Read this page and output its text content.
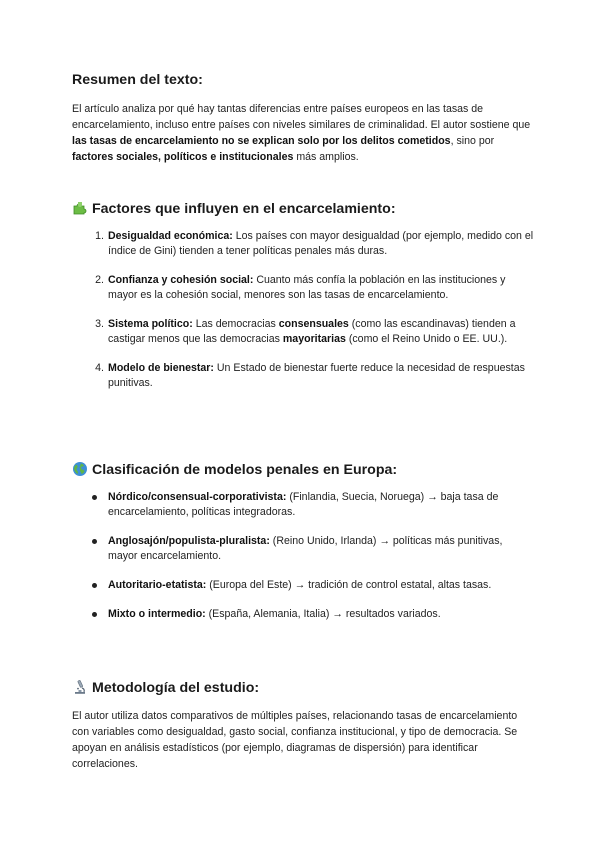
Resumen del texto:

El artículo analiza por qué hay tantas diferencias entre países europeos en las tasas de encarcelamiento, incluso entre países con niveles similares de criminalidad. El autor sostiene que las tasas de encarcelamiento no se explican solo por los delitos cometidos, sino por factores sociales, políticos e institucionales más amplios.

Factores que influyen en el encarcelamiento:
1. Desigualdad económica: Los países con mayor desigualdad (por ejemplo, medido con el índice de Gini) tienden a tener políticas penales más duras.
2. Confianza y cohesión social: Cuanto más confía la población en las instituciones y mayor es la cohesión social, menores son las tasas de encarcelamiento.
3. Sistema político: Las democracias consensuales (como las escandinavas) tienden a castigar menos que las democracias mayoritarias (como el Reino Unido o EE. UU.).
4. Modelo de bienestar: Un Estado de bienestar fuerte reduce la necesidad de respuestas punitivas.
Clasificación de modelos penales en Europa:
Nórdico/consensual-corporativista: (Finlandia, Suecia, Noruega) → baja tasa de encarcelamiento, políticas integradoras.
Anglosajón/populista-pluralista: (Reino Unido, Irlanda) → políticas más punitivas, mayor encarcelamiento.
Autoritario-etatista: (Europa del Este) → tradición de control estatal, altas tasas.
Mixto o intermedio: (España, Alemania, Italia) → resultados variados.
Metodología del estudio:

El autor utiliza datos comparativos de múltiples países, relacionando tasas de encarcelamiento con variables como desigualdad, gasto social, confianza institucional, y tipo de democracia. Se apoyan en análisis estadísticos (por ejemplo, diagramas de dispersión) para identificar correlaciones.
